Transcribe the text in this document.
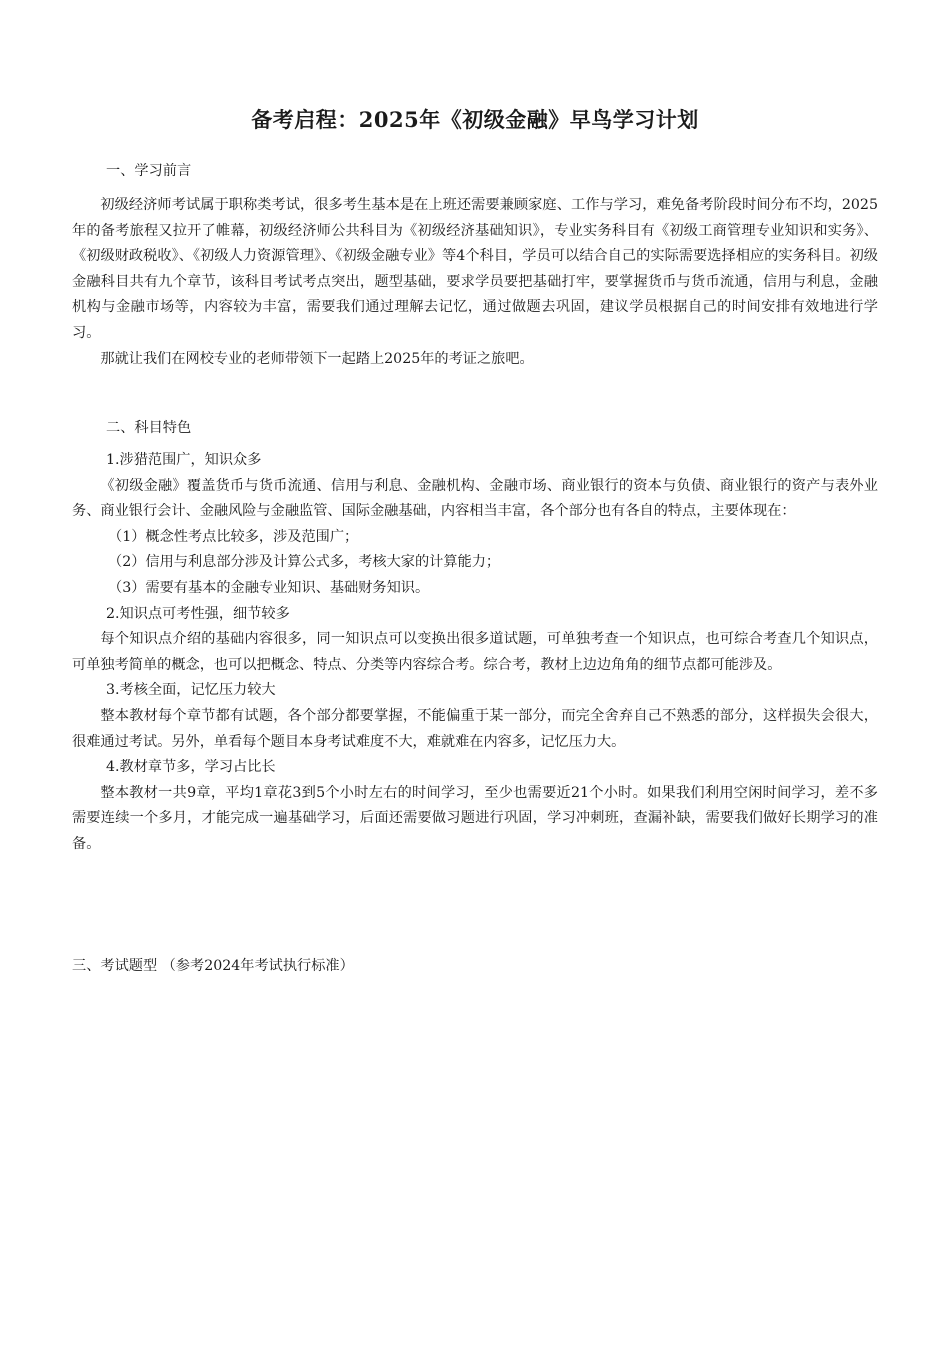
备考启程：2025年《初级金融》早鸟学习计划
一、学习前言

初级经济师考试属于职称类考试，很多考生基本是在上班还需要兼顾家庭、工作与学习，难免备考阶段时间分布不均，2025年的备考旅程又拉开了帷幕，初级经济师公共科目为《初级经济基础知识》，专业实务科目有《初级工商管理专业知识和实务》、《初级财政税收》、《初级人力资源管理》、《初级金融专业》等4个科目，学员可以结合自己的实际需要选择相应的实务科目。初级金融科目共有九个章节，该科目考试考点突出，题型基础，要求学员要把基础打牢，要掌握货币与货币流通，信用与利息，金融机构与金融市场等，内容较为丰富，需要我们通过理解去记忆，通过做题去巩固，建议学员根据自己的时间安排有效地进行学习。

那就让我们在网校专业的老师带领下一起踏上2025年的考证之旅吧。

二、科目特色

1.涉猎范围广，知识众多

《初级金融》覆盖货币与货币流通、信用与利息、金融机构、金融市场、商业银行的资本与负债、商业银行的资产与表外业务、商业银行会计、金融风险与金融监管、国际金融基础，内容相当丰富，各个部分也有各自的特点，主要体现在：

（1）概念性考点比较多，涉及范围广；

（2）信用与利息部分涉及计算公式多，考核大家的计算能力；

（3）需要有基本的金融专业知识、基础财务知识。

2.知识点可考性强，细节较多

每个知识点介绍的基础内容很多，同一知识点可以变换出很多道试题，可单独考查一个知识点，也可综合考查几个知识点，可单独考简单的概念，也可以把概念、特点、分类等内容综合考。综合考，教材上边边角角的细节点都可能涉及。

3.考核全面，记忆压力较大

整本教材每个章节都有试题，各个部分都要掌握，不能偏重于某一部分，而完全舍弃自己不熟悉的部分，这样损失会很大，很难通过考试。另外，单看每个题目本身考试难度不大，难就难在内容多，记忆压力大。

4.教材章节多，学习占比长

整本教材一共9章，平均1章花3到5个小时左右的时间学习，至少也需要近21个小时。如果我们利用空闲时间学习，差不多需要连续一个多月，才能完成一遍基础学习，后面还需要做习题进行巩固，学习冲刺班，查漏补缺，需要我们做好长期学习的准备。

三、考试题型 （参考2024年考试执行标准）
